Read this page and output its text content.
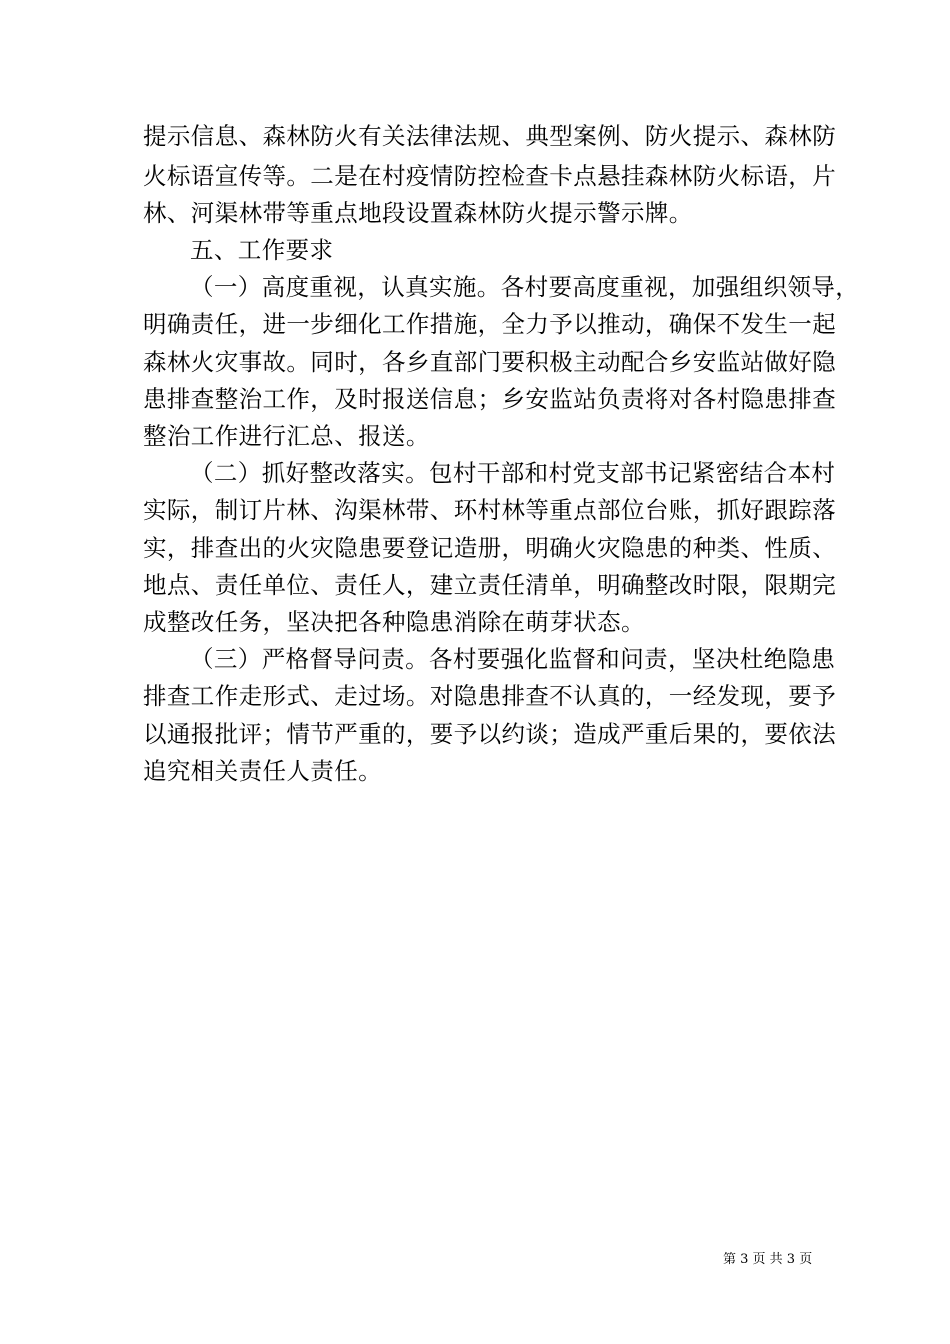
提示信息、森林防火有关法律法规、典型案例、防火提示、森林防
火标语宣传等。二是在村疫情防控检查卡点悬挂森林防火标语，片
林、河渠林带等重点地段设置森林防火提示警示牌。
五、工作要求
（一）高度重视，认真实施。各村要高度重视，加强组织领导，
明确责任，进一步细化工作措施，全力予以推动，确保不发生一起
森林火灾事故。同时，各乡直部门要积极主动配合乡安监站做好隐
患排查整治工作，及时报送信息；乡安监站负责将对各村隐患排查
整治工作进行汇总、报送。
（二）抓好整改落实。包村干部和村党支部书记紧密结合本村
实际，制订片林、沟渠林带、环村林等重点部位台账，抓好跟踪落
实，排查出的火灾隐患要登记造册，明确火灾隐患的种类、性质、
地点、责任单位、责任人，建立责任清单，明确整改时限，限期完
成整改任务，坚决把各种隐患消除在萌芽状态。
（三）严格督导问责。各村要强化监督和问责，坚决杜绝隐患
排查工作走形式、走过场。对隐患排查不认真的，一经发现，要予
以通报批评；情节严重的，要予以约谈；造成严重后果的，要依法
追究相关责任人责任。
第 3 页 共 3 页
